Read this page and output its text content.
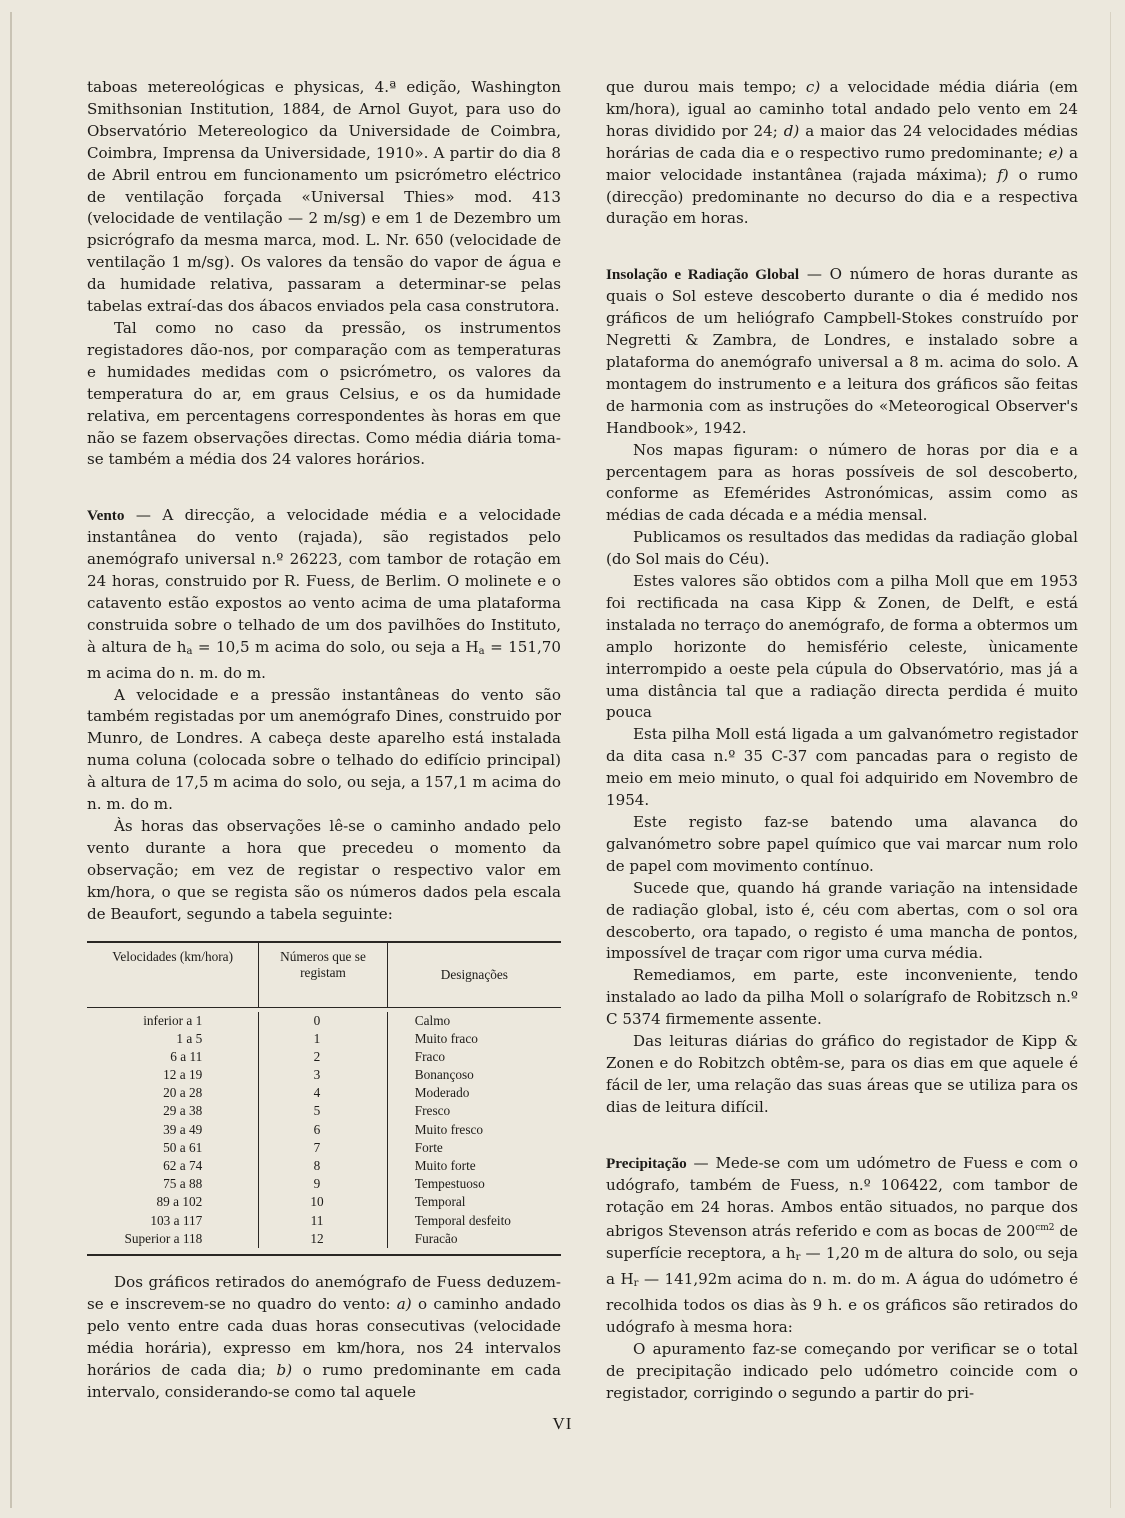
taboas metereológicas e physicas, 4.ª edição, Washington Smithsonian Institution, 1884, de Arnol Guyot, para uso do Observatório Metereologico da Universidade de Coimbra, Coimbra, Imprensa da Universidade, 1910». A partir do dia 8 de Abril entrou em funcionamento um psicrómetro eléctrico de ventilação forçada «Universal Thies» mod. 413 (velocidade de ventilação — 2 m/sg) e em 1 de Dezembro um psicrógrafo da mesma marca, mod. L. Nr. 650 (velocidade de ventilação 1 m/sg). Os valores da tensão do vapor de água e da humidade relativa, passaram a determinar-se pelas tabelas extraí-das dos ábacos enviados pela casa construtora.

Tal como no caso da pressão, os instrumentos registadores dão-nos, por comparação com as temperaturas e humidades medidas com o psicrómetro, os valores da temperatura do ar, em graus Celsius, e os da humidade relativa, em percentagens correspondentes às horas em que não se fazem observações directas. Como média diária toma-se também a média dos 24 valores horários.

Vento — A direcção, a velocidade média e a velocidade instantânea do vento (rajada), são registados pelo anemógrafo universal n.º 26223, com tambor de rotação em 24 horas, construido por R. Fuess, de Berlim. O molinete e o catavento estão expostos ao vento acima de uma plataforma construida sobre o telhado de um dos pavilhões do Instituto, à altura de $h_a = 10,5$ m acima do solo, ou seja a $H_a = 151,70$ m acima do n. m. do m.

A velocidade e a pressão instantâneas do vento são também registadas por um anemógrafo Dines, construido por Munro, de Londres. A cabeça deste aparelho está instalada numa coluna (colocada sobre o telhado do edifício principal) à altura de 17,5 m acima do solo, ou seja, a 157,1 m acima do n. m. do m.

Às horas das observações lê-se o caminho andado pelo vento durante a hora que precedeu o momento da observação; em vez de registar o respectivo valor em km/hora, o que se regista são os números dados pela escala de Beaufort, segundo a tabela seguinte:

Velocidades (km/hora)	Números que se registam	Designações
inferior a 1
1 a 5
6 a 11
12 a 19
20 a 28
29 a 38
39 a 49
50 a 61
62 a 74
75 a 88
89 a 102
103 a 117
Superior a 118
0
1
2
3
4
5
6
7
8
9
10
11
12
Calmo
Muito fraco
Fraco
Bonançoso
Moderado
Fresco
Muito fresco
Forte
Muito forte
Tempestuoso
Temporal
Temporal desfeito
Furacão

Dos gráficos retirados do anemógrafo de Fuess deduzem-se e inscrevem-se no quadro do vento: a) o caminho andado pelo vento entre cada duas horas consecutivas (velocidade média horária), expresso em km/hora, nos 24 intervalos horários de cada dia; b) o rumo predominante em cada intervalo, considerando-se como tal aquele

que durou mais tempo; c) a velocidade média diária (em km/hora), igual ao caminho total andado pelo vento em 24 horas dividido por 24; d) a maior das 24 velocidades médias horárias de cada dia e o respectivo rumo predominante; e) a maior velocidade instantânea (rajada máxima); f) o rumo (direcção) predominante no decurso do dia e a respectiva duração em horas.

Insolação e Radiação Global — O número de horas durante as quais o Sol esteve descoberto durante o dia é medido nos gráficos de um heliógrafo Campbell-Stokes construído por Negretti & Zambra, de Londres, e instalado sobre a plataforma do anemógrafo universal a 8 m. acima do solo. A montagem do instrumento e a leitura dos gráficos são feitas de harmonia com as instruções do «Meteorogical Observer's Handbook», 1942.

Nos mapas figuram: o número de horas por dia e a percentagem para as horas possíveis de sol descoberto, conforme as Efemérides Astronómicas, assim como as médias de cada década e a média mensal.

Publicamos os resultados das medidas da radiação global (do Sol mais do Céu).

Estes valores são obtidos com a pilha Moll que em 1953 foi rectificada na casa Kipp & Zonen, de Delft, e está instalada no terraço do anemógrafo, de forma a obtermos um amplo horizonte do hemisfério celeste, ùnicamente interrompido a oeste pela cúpula do Observatório, mas já a uma distância tal que a radiação directa perdida é muito pouca

Esta pilha Moll está ligada a um galvanómetro registador da dita casa n.º 35 C-37 com pancadas para o registo de meio em meio minuto, o qual foi adquirido em Novembro de 1954.

Este registo faz-se batendo uma alavanca do galvanómetro sobre papel químico que vai marcar num rolo de papel com movimento contínuo.

Sucede que, quando há grande variação na intensidade de radiação global, isto é, céu com abertas, com o sol ora descoberto, ora tapado, o registo é uma mancha de pontos, impossível de traçar com rigor uma curva média.

Remediamos, em parte, este inconveniente, tendo instalado ao lado da pilha Moll o solarígrafo de Robitzsch n.º C 5374 firmemente assente.

Das leituras diárias do gráfico do registador de Kipp & Zonen e do Robitzch obtêm-se, para os dias em que aquele é fácil de ler, uma relação das suas áreas que se utiliza para os dias de leitura difícil.

Precipitação — Mede-se com um udómetro de Fuess e com o udógrafo, também de Fuess, n.º 106422, com tambor de rotação em 24 horas. Ambos então situados, no parque dos abrigos Stevenson atrás referido e com as bocas de $200^{cm2}$ de superfície receptora, a $h_r$ — 1,20 m de altura do solo, ou seja a $H_r$ — 141,92m acima do n. m. do m. A água do udómetro é recolhida todos os dias às 9 h. e os gráficos são retirados do udógrafo à mesma hora:

O apuramento faz-se começando por verificar se o total de precipitação indicado pelo udómetro coincide com o registador, corrigindo o segundo a partir do pri-

VI
